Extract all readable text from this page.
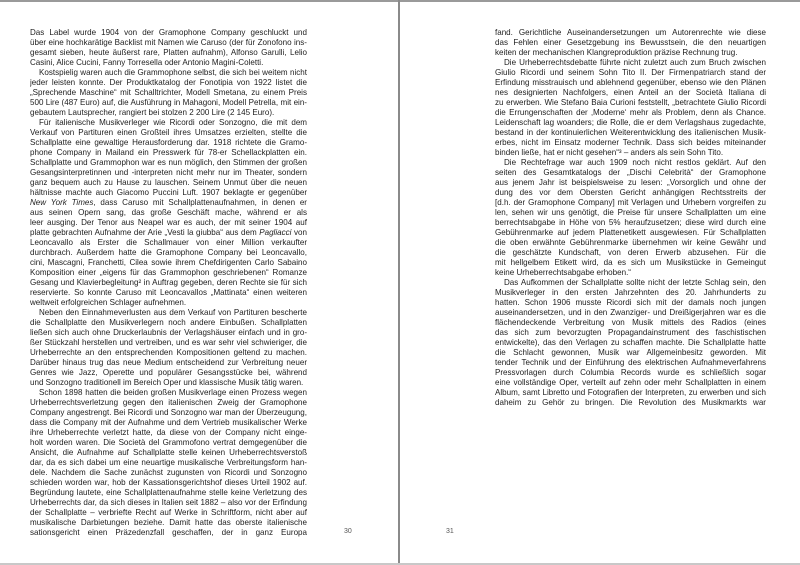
Das Label wurde 1904 von der Gramophone Company geschluckt und
über eine hochkarätige Backlist mit Namen wie Caruso (der für Zonofono ins-
gesamt sieben, heute äußerst rare, Platten aufnahm), Alfonso Garulli, Lelio
Casini, Alice Cucini, Fanny Torresella oder Antonio Magini-Coletti.
Kostspielig waren auch die Grammophone selbst, die sich bei weitem nicht
jeder leisten konnte. Der Produktkatalog der Fonotipia von 1922 listet die
„Sprechende Maschine“ mit Schalltrichter, Modell Smetana, zu einem Preis
500 Lire (487 Euro) auf, die Ausführung in Mahagoni, Modell Petrella, mit ein-
gebautem Lautsprecher, rangiert bei stolzen 2 200 Lire (2 145 Euro).
Für italienische Musikverleger wie Ricordi oder Sonzogno, die mit dem
Verkauf von Partituren einen Großteil ihres Umsatzes erzielten, stellte die
Schallplatte eine gewaltige Herausforderung dar. 1918 richtete die Gramo-
phone Company in Mailand ein Presswerk für 78-er Schellackplatten ein.
Schallplatte und Grammophon war es nun möglich, den Stimmen der großen
Gesangsinterpretinnen und -interpreten nicht mehr nur im Theater, sondern
ganz bequem auch zu Hause zu lauschen. Seinem Unmut über die neuen
hältnisse machte auch Giacomo Puccini Luft. 1907 beklagte er gegenüber
New York Times, dass Caruso mit Schallplattenaufnahmen, in denen er
aus seinen Opern sang, das große Geschäft mache, während er als
leer ausging. Der Tenor aus Neapel war es auch, der mit seiner 1904 auf
platte gebrachten Aufnahme der Arie „Vesti la giubba“ aus dem Pagliacci von
Leoncavallo als Erster die Schallmauer von einer Million verkaufter
durchbrach. Außerdem hatte die Gramophone Company bei Leoncavallo,
cini, Mascagni, Franchetti, Cilea sowie ihrem Chefdirigenten Carlo Sabaino
Komposition einer „eigens für das Grammophon geschriebenen“ Romanze
Gesang und Klavierbegleitung² in Auftrag gegeben, deren Rechte sie für sich
reservierte. So konnte Caruso mit Leoncavallos „Mattinata“ einen weiteren
weltweit erfolgreichen Schlager aufnehmen.
Neben den Einnahmeverlusten aus dem Verkauf von Partituren bescherte
die Schallplatte den Musikverlegern noch andere Einbußen. Schallplatten
ließen sich auch ohne Druckerlaubnis der Verlagshäuser einfach und in gro-
ßer Stückzahl herstellen und vertreiben, und es war sehr viel schwieriger, die
Urheberrechte an den entsprechenden Kompositionen geltend zu machen.
Darüber hinaus trug das neue Medium entscheidend zur Verbreitung neuer
Genres wie Jazz, Operette und populärer Gesangsstücke bei, während
und Sonzogno traditionell im Bereich Oper und klassische Musik tätig waren.
Schon 1898 hatten die beiden großen Musikverlage einen Prozess wegen
Urheberrechtsverletzung gegen den italienischen Zweig der Gramophone
Company angestrengt. Bei Ricordi und Sonzogno war man der Überzeugung,
dass die Company mit der Aufnahme und dem Vertrieb musikalischer Werke
ihre Urheberrechte verletzt hatte, da diese von der Company nicht einge-
holt worden waren. Die Società del Grammofono vertrat demgegenüber die
Ansicht, die Aufnahme auf Schallplatte stelle keinen Urheberrechtsverstoß
dar, da es sich dabei um eine neuartige musikalische Verbreitungsform han-
dele. Nachdem die Sache zunächst zugunsten von Ricordi und Sonzogno
schieden worden war, hob der Kassationsgerichtshof dieses Urteil 1902 auf.
Begründung lautete, eine Schallplattenaufnahme stelle keine Verletzung des
Urheberrechts dar, da sich dieses in Italien seit 1882 – also vor der Erfindung
der Schallplatte – verbriefte Recht auf Werke in Schriftform, nicht aber auf
musikalische Darbietungen beziehe. Damit hatte das oberste italienische
sationsgericht einen Präzedenzfall geschaffen, der in ganz Europa
fand. Gerichtliche Auseinandersetzungen um Autorenrechte wie diese
das Fehlen einer Gesetzgebung ins Bewusstsein, die den neuartigen
keiten der mechanischen Klangreproduktion präzise Rechnung trug.
Die Urheberrechtsdebatte führte nicht zuletzt auch zum Bruch zwischen
Giulio Ricordi und seinem Sohn Tito II. Der Firmenpatriarch stand der
Erfindung misstrauisch und ablehnend gegenüber, ebenso wie den Plänen
nes designierten Nachfolgers, einen Anteil an der Società Italiana di
zu erwerben. Wie Stefano Baia Curioni feststellt, „betrachtete Giulio Ricordi
die Errungenschaften der ‚Moderne‘ mehr als Problem, denn als Chance.
Leidenschaft lag woanders; die Rolle, die er dem Verlagshaus zugedachte,
bestand in der kontinuierlichen Weiterentwicklung des italienischen Musik-
erbes, nicht im Einsatz moderner Technik. Dass sich beides miteinander
binden ließe, hat er nicht gesehen“³ – anders als sein Sohn Tito.
Die Rechtefrage war auch 1909 noch nicht restlos geklärt. Auf den
seiten des Gesamtkatalogs der „Dischi Celebrità“ der Gramophone
aus jenem Jahr ist beispielsweise zu lesen: „Vorsorglich und ohne der
dung des vor dem Obersten Gericht anhängigen Rechtsstreits der
[d.h. der Gramophone Company] mit Verlagen und Urhebern vorgreifen zu
len, sehen wir uns genötigt, die Preise für unsere Schallplatten um eine
berrechtsabgabe in Höhe von 5% heraufzusetzen; diese wird durch eine
Gebührenmarke auf jedem Plattenetikett ausgewiesen. Für Schallplatten
die oben erwähnte Gebührenmarke übernehmen wir keine Gewähr und
die geschätzte Kundschaft, von deren Erwerb abzusehen. Für die
mit hellgelbem Etikett wird, da es sich um Musikstücke in Gemeingut
keine Urheberrechtsabgabe erhoben.“
Das Aufkommen der Schallplatte sollte nicht der letzte Schlag sein, den
Musikverleger in den ersten Jahrzehnten des 20. Jahrhunderts zu
hatten. Schon 1906 musste Ricordi sich mit der damals noch jungen
auseinandersetzen, und in den Zwanziger- und Dreißigerjahren war es die
flächendeckende Verbreitung von Musik mittels des Radios (eines
das sich zum bevorzugten Propagandainstrument des faschistischen
entwickelte), das den Verlagen zu schaffen machte. Die Schallplatte hatte
die Schlacht gewonnen, Musik war Allgemeinbesitz geworden. Mit
tender Technik und der Einführung des elektrischen Aufnahmeverfahrens
Pressvorlagen durch Columbia Records wurde es schließlich sogar
eine vollständige Oper, verteilt auf zehn oder mehr Schallplatten in einem
Album, samt Libretto und Fotografien der Interpreten, zu erwerben und sich
daheim zu Gehör zu bringen. Die Revolution des Musikmarkts war
30	31
